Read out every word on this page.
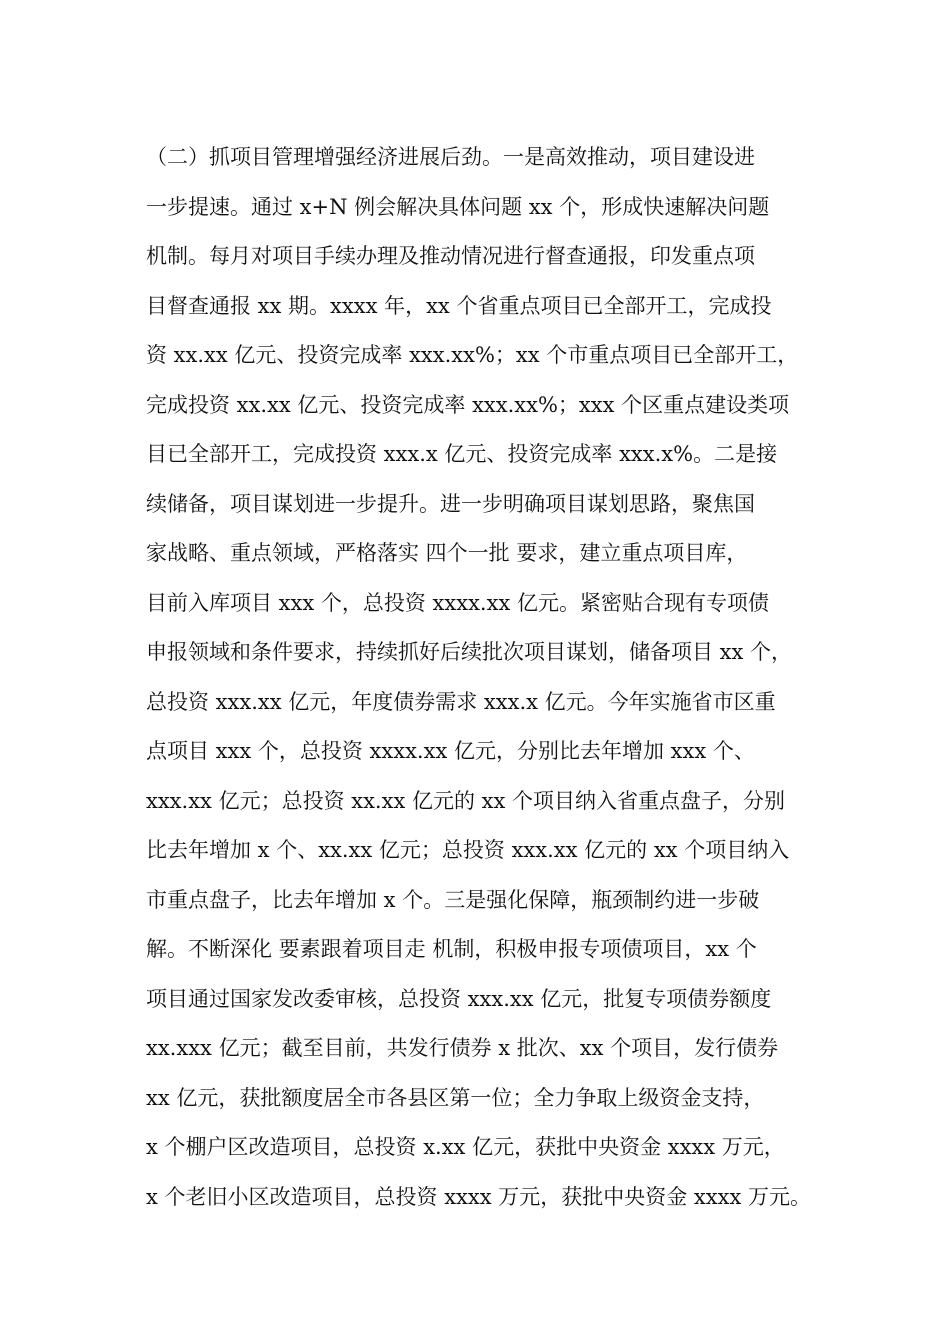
（二）抓项目管理增强经济进展后劲。一是高效推动，项目建设进
一步提速。通过 x+N 例会解决具体问题 xx 个，形成快速解决问题
机制。每月对项目手续办理及推动情况进行督查通报，印发重点项
目督查通报 xx 期。xxxx 年，xx 个省重点项目已全部开工，完成投
资 xx.xx 亿元、投资完成率 xxx.xx%；xx 个市重点项目已全部开工，
完成投资 xx.xx 亿元、投资完成率 xxx.xx%；xxx 个区重点建设类项
目已全部开工，完成投资 xxx.x 亿元、投资完成率 xxx.x%。二是接
续储备，项目谋划进一步提升。进一步明确项目谋划思路，聚焦国
家战略、重点领域，严格落实 四个一批 要求，建立重点项目库，
目前入库项目 xxx 个，总投资 xxxx.xx 亿元。紧密贴合现有专项债
申报领域和条件要求，持续抓好后续批次项目谋划，储备项目 xx 个，
总投资 xxx.xx 亿元，年度债券需求 xxx.x 亿元。今年实施省市区重
点项目 xxx 个，总投资 xxxx.xx 亿元，分别比去年增加 xxx 个、
xxx.xx 亿元；总投资 xx.xx 亿元的 xx 个项目纳入省重点盘子，分别
比去年增加 x 个、xx.xx 亿元；总投资 xxx.xx 亿元的 xx 个项目纳入
市重点盘子，比去年增加 x 个。三是强化保障，瓶颈制约进一步破
解。不断深化 要素跟着项目走 机制，积极申报专项债项目，xx 个
项目通过国家发改委审核，总投资 xxx.xx 亿元，批复专项债券额度
xx.xxx 亿元；截至目前，共发行债券 x 批次、xx 个项目，发行债券
xx 亿元，获批额度居全市各县区第一位；全力争取上级资金支持，
x 个棚户区改造项目，总投资 x.xx 亿元，获批中央资金 xxxx 万元，
x 个老旧小区改造项目，总投资 xxxx 万元，获批中央资金 xxxx 万元。
